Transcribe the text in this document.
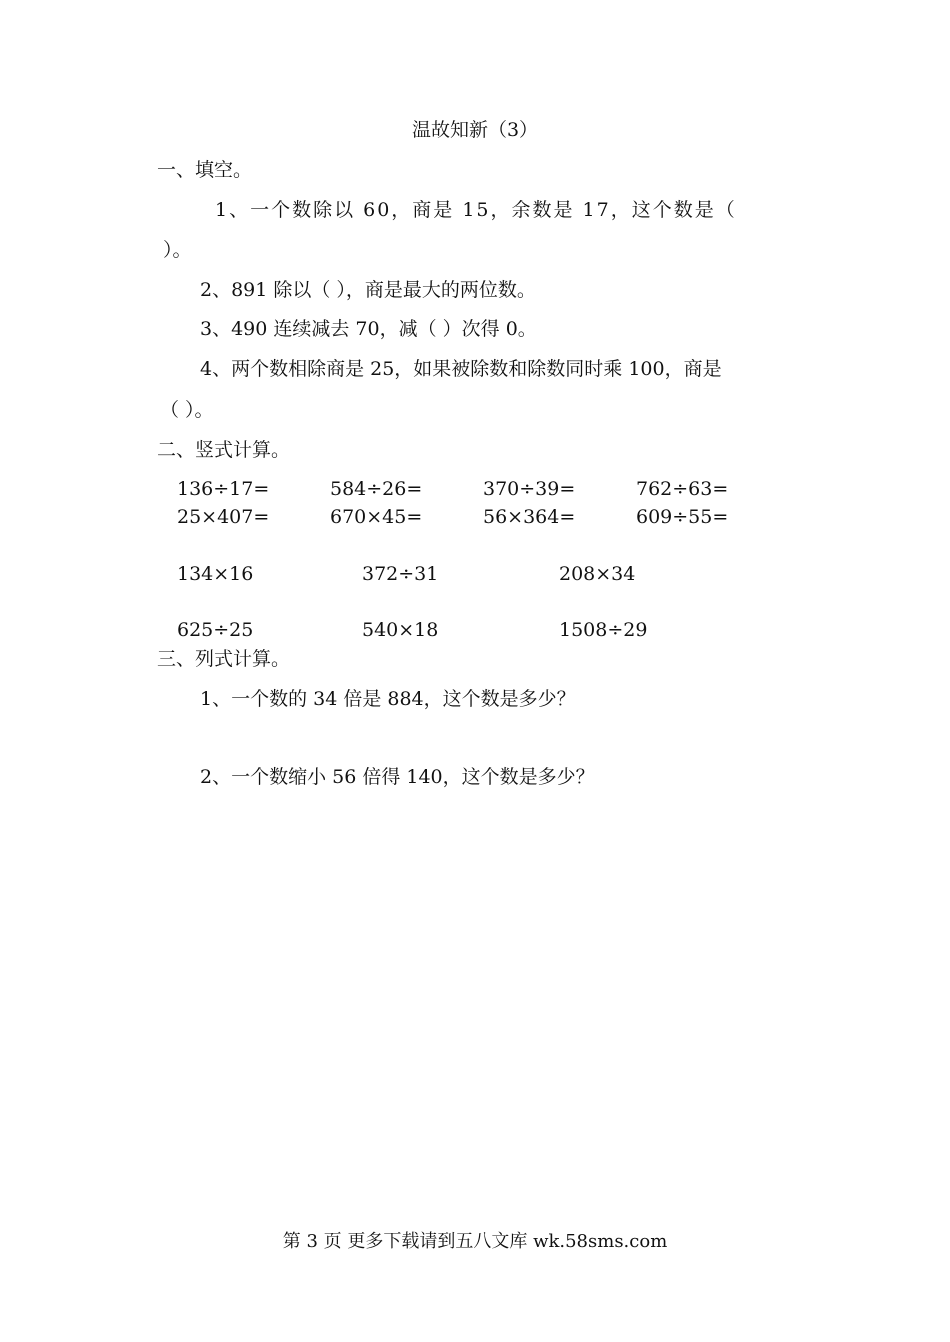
温故知新（3）
一、填空。
1、一个数除以 60，商是 15，余数是 17，这个数是（
）。
2、891 除以（ ），商是最大的两位数。
3、490 连续减去 70，减（ ）次得 0。
4、两个数相除商是 25，如果被除数和除数同时乘 100，商是
（ ）。
二、竖式计算。
136÷17=	584÷26=	370÷39=	762÷63=
25×407=	670×45=	56×364=	609÷55=
134×16	372÷31	208×34
625÷25	540×18	1508÷29
三、列式计算。
1、一个数的 34 倍是 884，这个数是多少？
2、一个数缩小 56 倍得 140，这个数是多少？
第 3 页 更多下载请到五八文库 wk.58sms.com
